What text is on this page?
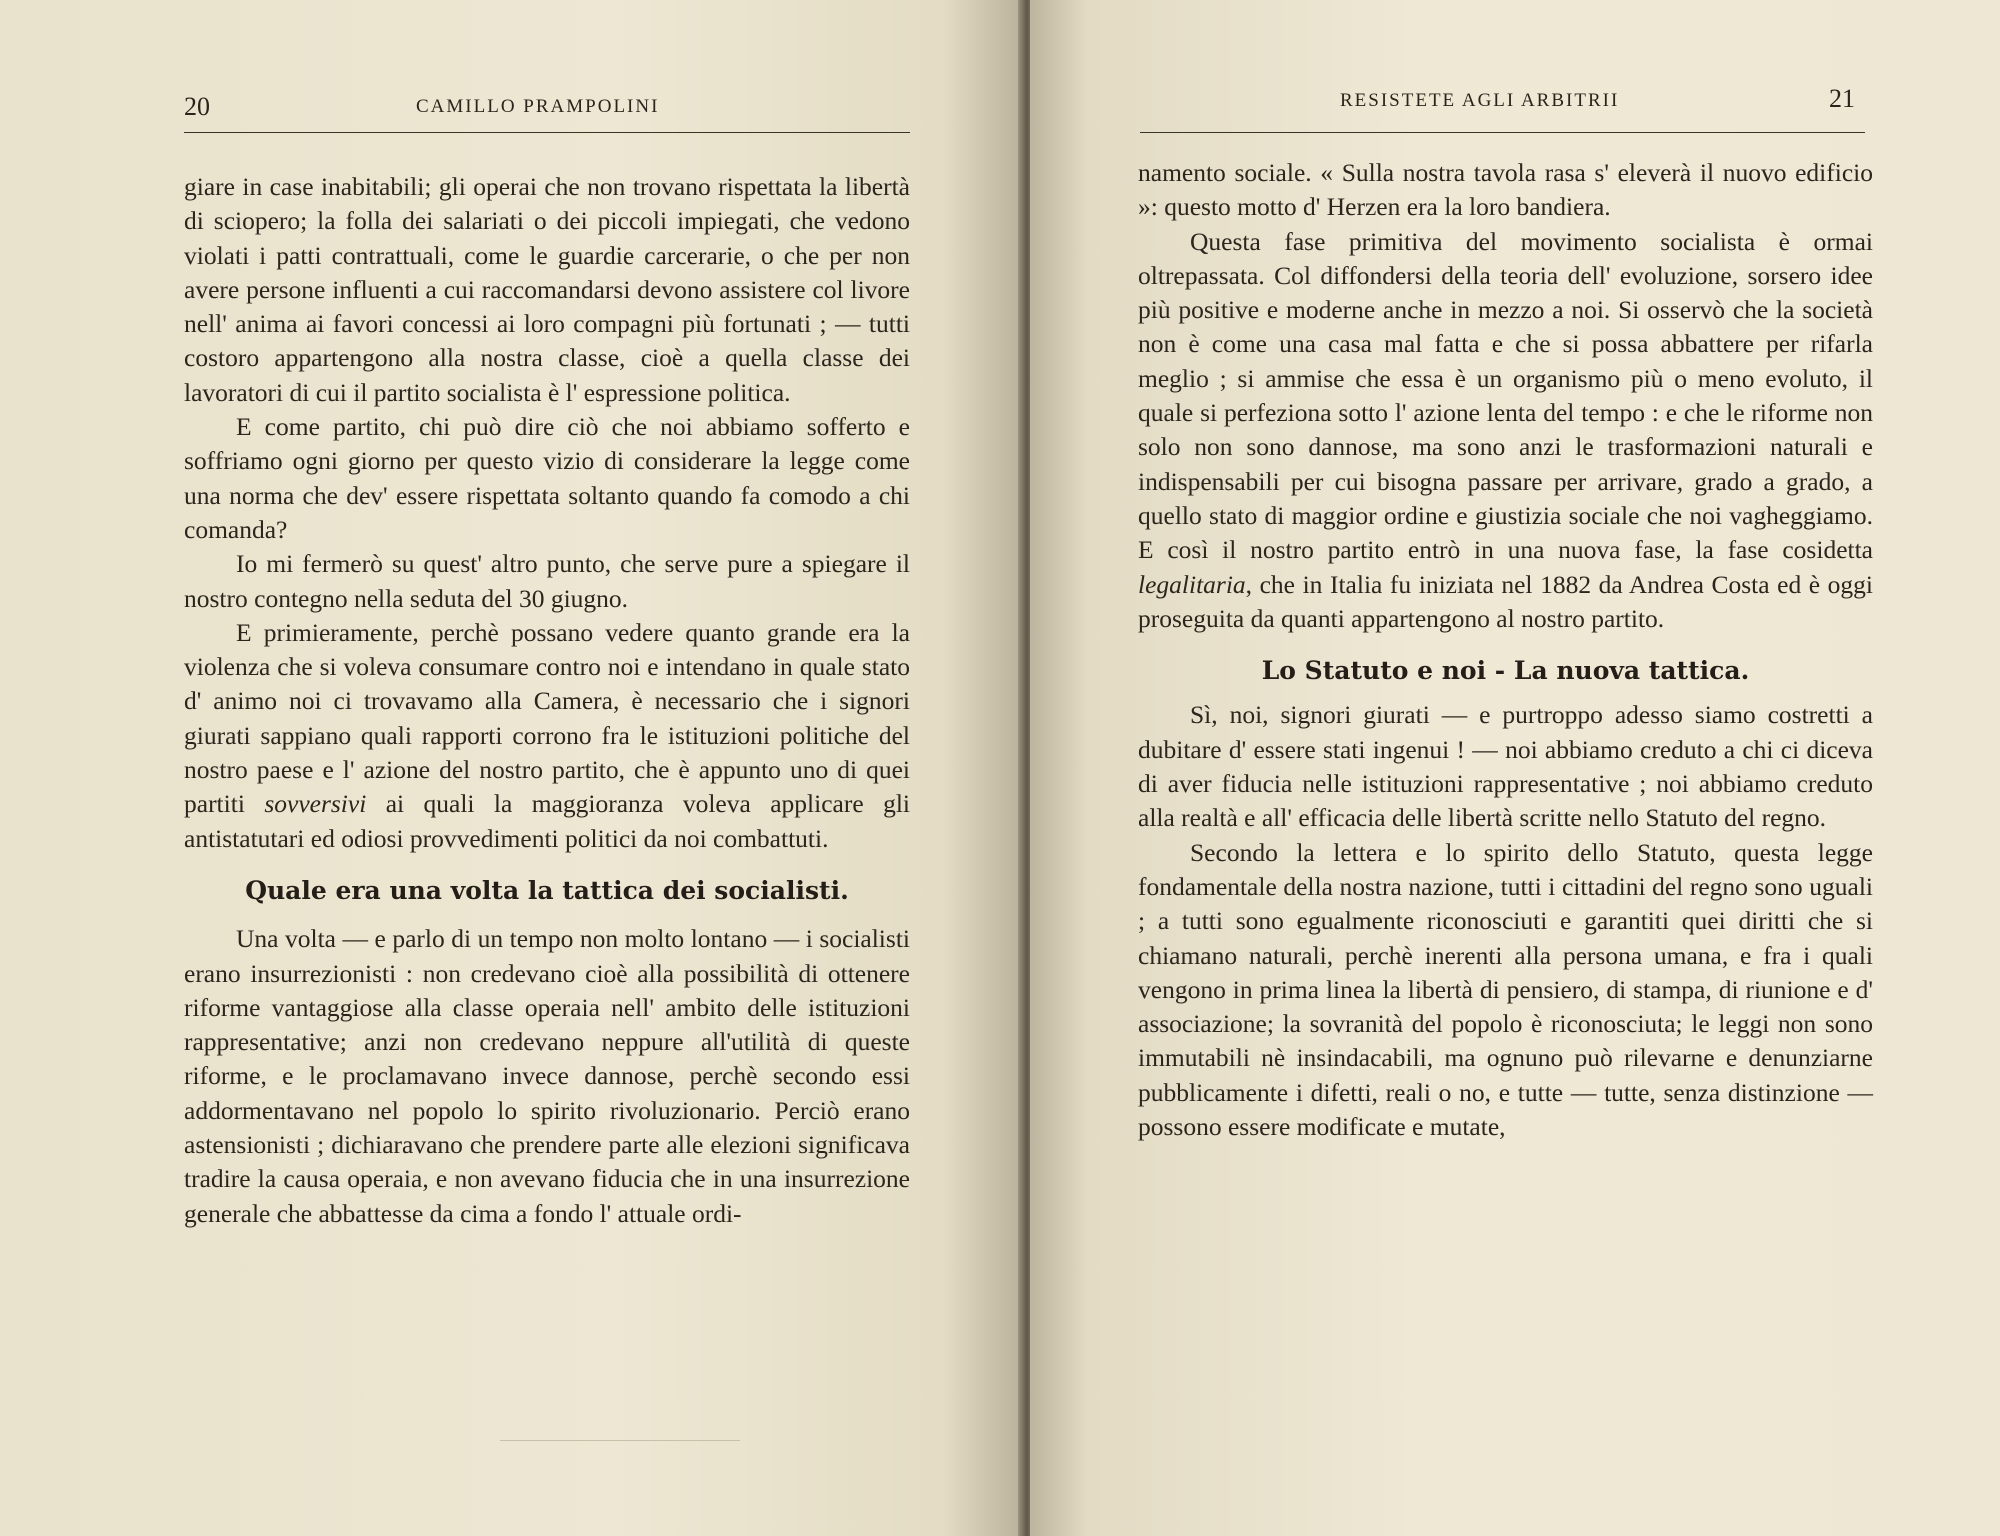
20	CAMILLO PRAMPOLINI

giare in case inabitabili; gli operai che non trovano rispettata la libertà di sciopero; la folla dei salariati o dei piccoli impiegati, che vedono violati i patti contrattuali, come le guardie carcerarie, o che per non avere persone influenti a cui raccomandarsi devono assistere col livore nell' anima ai favori concessi ai loro compagni più fortunati ; — tutti costoro appartengono alla nostra classe, cioè a quella classe dei lavoratori di cui il partito socialista è l' espressione politica.

E come partito, chi può dire ciò che noi abbiamo sofferto e soffriamo ogni giorno per questo vizio di considerare la legge come una norma che dev' essere rispettata soltanto quando fa comodo a chi comanda?

Io mi fermerò su quest' altro punto, che serve pure a spiegare il nostro contegno nella seduta del 30 giugno.

E primieramente, perchè possano vedere quanto grande era la violenza che si voleva consumare contro noi e intendano in quale stato d' animo noi ci trovavamo alla Camera, è necessario che i signori giurati sappiano quali rapporti corrono fra le istituzioni politiche del nostro paese e l' azione del nostro partito, che è appunto uno di quei partiti sovversivi ai quali la maggioranza voleva applicare gli antistatutari ed odiosi provvedimenti politici da noi combattuti.

Quale era una volta la tattica dei socialisti.

Una volta — e parlo di un tempo non molto lontano — i socialisti erano insurrezionisti : non credevano cioè alla possibilità di ottenere riforme vantaggiose alla classe operaia nell' ambito delle istituzioni rappresentative; anzi non credevano neppure all'utilità di queste riforme, e le proclamavano invece dannose, perchè secondo essi addormentavano nel popolo lo spirito rivoluzionario. Perciò erano astensionisti ; dichiaravano che prendere parte alle elezioni significava tradire la causa operaia, e non avevano fiducia che in una insurrezione generale che abbattesse da cima a fondo l' attuale ordi-

RESISTETE AGLI ARBITRII	21

namento sociale. « Sulla nostra tavola rasa s' eleverà il nuovo edificio »: questo motto d' Herzen era la loro bandiera.

Questa fase primitiva del movimento socialista è ormai oltrepassata. Col diffondersi della teoria dell' evoluzione, sorsero idee più positive e moderne anche in mezzo a noi. Si osservò che la società non è come una casa mal fatta e che si possa abbattere per rifarla meglio ; si ammise che essa è un organismo più o meno evoluto, il quale si perfeziona sotto l' azione lenta del tempo : e che le riforme non solo non sono dannose, ma sono anzi le trasformazioni naturali e indispensabili per cui bisogna passare per arrivare, grado a grado, a quello stato di maggior ordine e giustizia sociale che noi vagheggiamo. E così il nostro partito entrò in una nuova fase, la fase cosidetta legalitaria, che in Italia fu iniziata nel 1882 da Andrea Costa ed è oggi proseguita da quanti appartengono al nostro partito.

Lo Statuto e noi - La nuova tattica.

Sì, noi, signori giurati — e purtroppo adesso siamo costretti a dubitare d' essere stati ingenui ! — noi abbiamo creduto a chi ci diceva di aver fiducia nelle istituzioni rappresentative ; noi abbiamo creduto alla realtà e all' efficacia delle libertà scritte nello Statuto del regno.

Secondo la lettera e lo spirito dello Statuto, questa legge fondamentale della nostra nazione, tutti i cittadini del regno sono uguali ; a tutti sono egualmente riconosciuti e garantiti quei diritti che si chiamano naturali, perchè inerenti alla persona umana, e fra i quali vengono in prima linea la libertà di pensiero, di stampa, di riunione e d' associazione; la sovranità del popolo è riconosciuta; le leggi non sono immutabili nè insindacabili, ma ognuno può rilevarne e denunziarne pubblicamente i difetti, reali o no, e tutte — tutte, senza distinzione — possono essere modificate e mutate,
